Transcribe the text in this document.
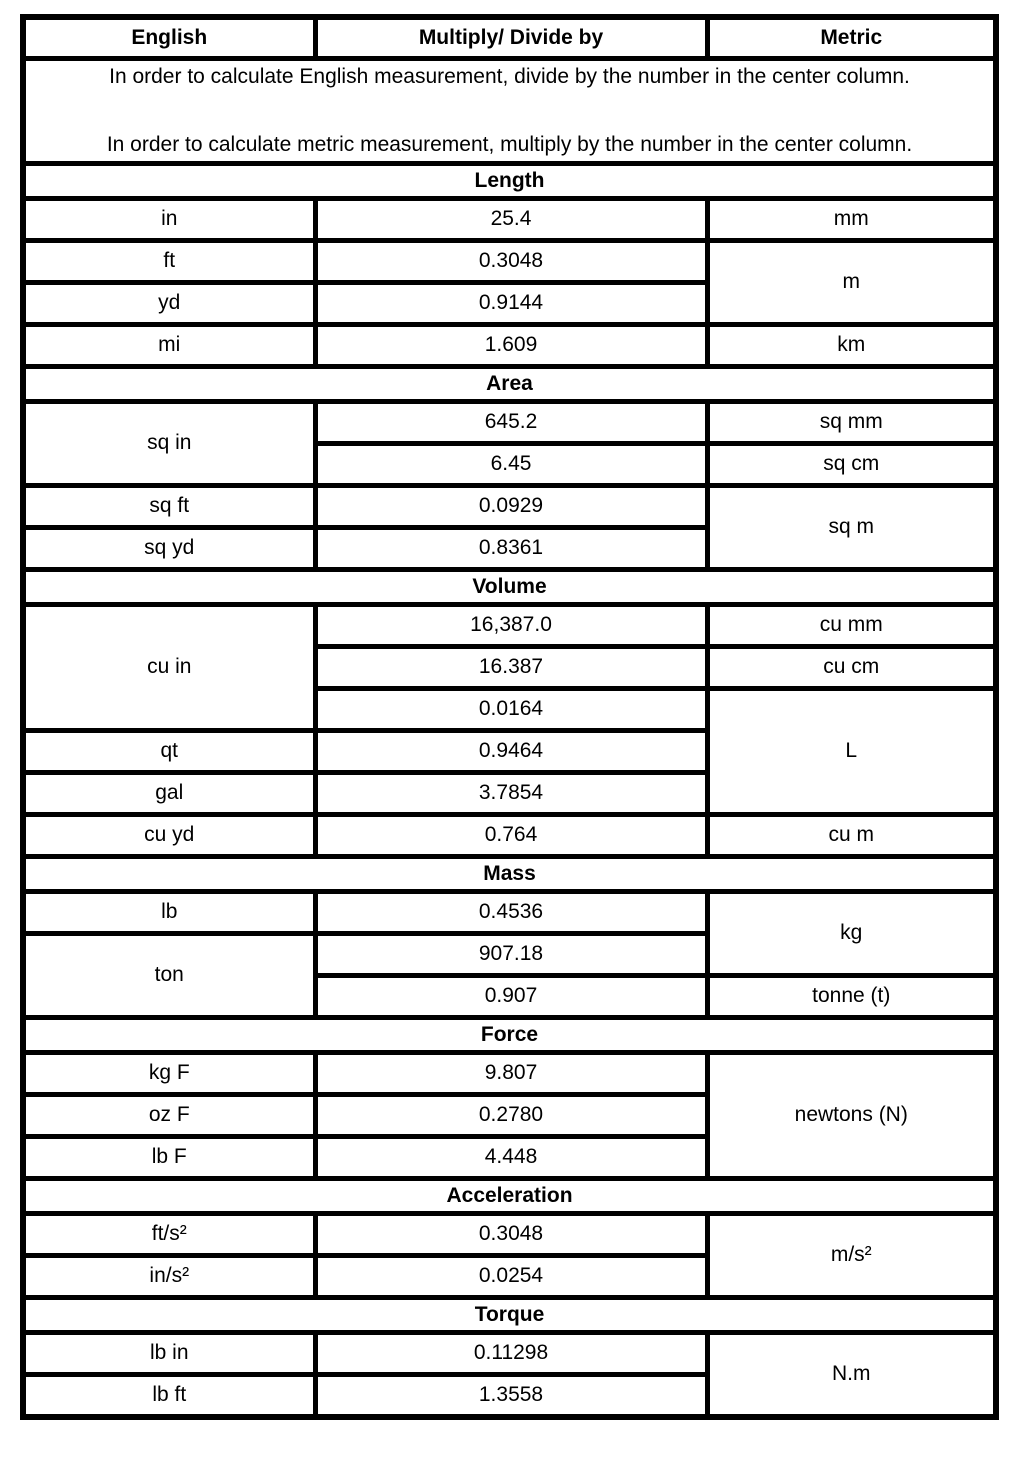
English	Multiply/ Divide by	Metric

In order to calculate English measurement, divide by the number in the center column.

In order to calculate metric measurement, multiply by the number in the center column.		

Length		
in	25.4	mm
ft	0.3048	m
yd	0.9144	
mi	1.609	km
Area		
sq in	645.2	sq mm
	6.45	sq cm
sq ft	0.0929	sq m
sq yd	0.8361	
Volume		
cu in	16,387.0	cu mm
	16.387	cu cm
	0.0164	L
qt	0.9464	
gal	3.7854	
cu yd	0.764	cu m
Mass		
lb	0.4536	kg
ton	907.18	
	0.907	tonne (t)
Force		
kg F	9.807	newtons (N)
oz F	0.2780	
lb F	4.448	
Acceleration		
ft/s²	0.3048	m/s²
in/s²	0.0254	
Torque		
lb in	0.11298	N.m
lb ft	1.3558	
